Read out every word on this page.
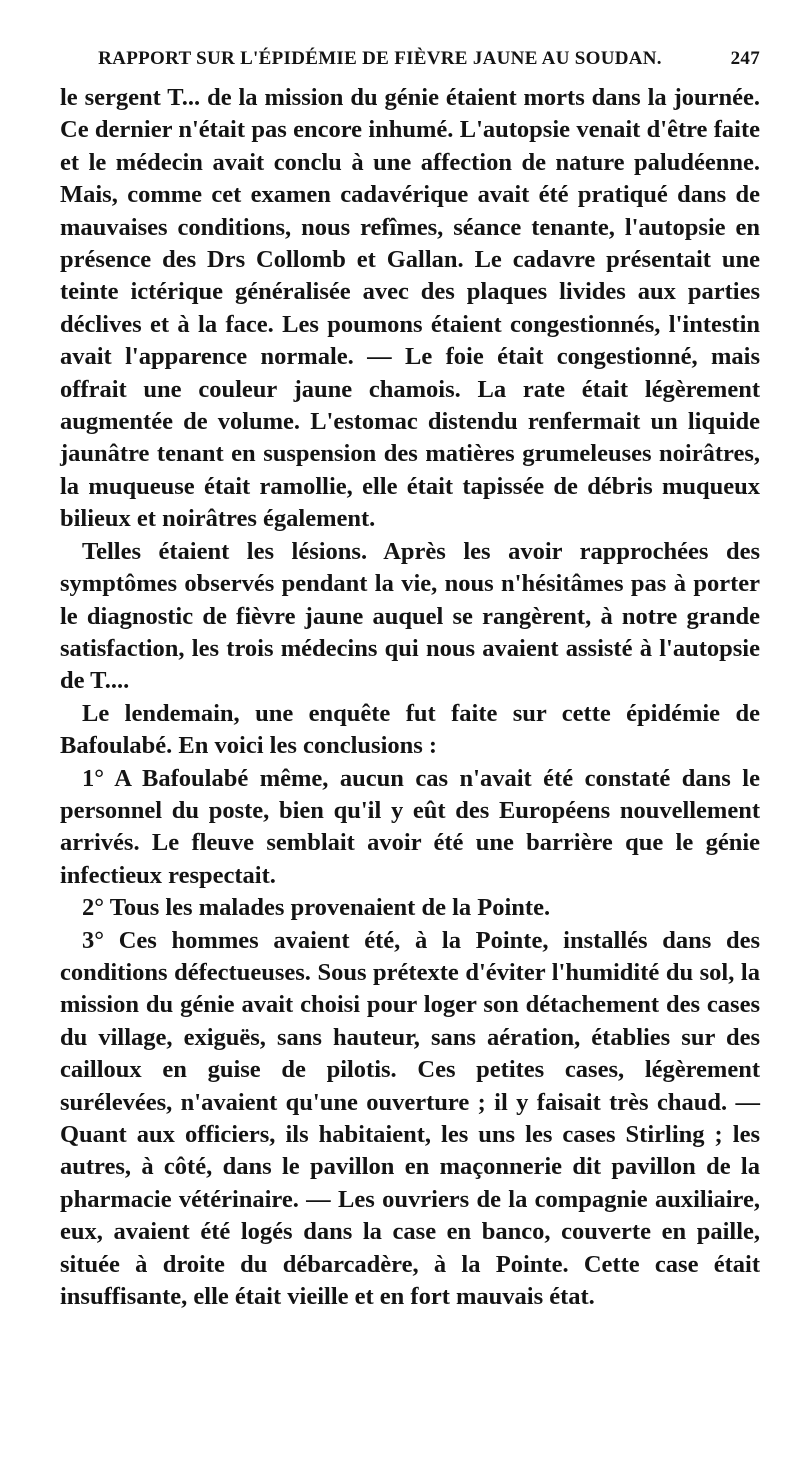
RAPPORT SUR L'ÉPIDÉMIE DE FIÈVRE JAUNE AU SOUDAN.	247

le sergent T... de la mission du génie étaient morts dans la journée. Ce dernier n'était pas encore inhumé. L'autopsie venait d'être faite et le médecin avait conclu à une affection de nature paludéenne. Mais, comme cet examen cadavérique avait été pratiqué dans de mauvaises conditions, nous refîmes, séance tenante, l'autopsie en présence des Drs Collomb et Gallan. Le cadavre présentait une teinte ictérique généralisée avec des plaques livides aux parties déclives et à la face. Les poumons étaient congestionnés, l'intestin avait l'apparence normale. — Le foie était congestionné, mais offrait une couleur jaune chamois. La rate était légèrement augmentée de volume. L'estomac distendu renfermait un liquide jaunâtre tenant en suspension des matières grumeleuses noirâtres, la muqueuse était ramollie, elle était tapissée de débris muqueux bilieux et noirâtres également.

Telles étaient les lésions. Après les avoir rapprochées des symptômes observés pendant la vie, nous n'hésitâmes pas à porter le diagnostic de fièvre jaune auquel se rangèrent, à notre grande satisfaction, les trois médecins qui nous avaient assisté à l'autopsie de T....

Le lendemain, une enquête fut faite sur cette épidémie de Bafoulabé. En voici les conclusions :

1° A Bafoulabé même, aucun cas n'avait été constaté dans le personnel du poste, bien qu'il y eût des Européens nouvellement arrivés. Le fleuve semblait avoir été une barrière que le génie infectieux respectait.

2° Tous les malades provenaient de la Pointe.

3° Ces hommes avaient été, à la Pointe, installés dans des conditions défectueuses. Sous prétexte d'éviter l'humidité du sol, la mission du génie avait choisi pour loger son détachement des cases du village, exiguës, sans hauteur, sans aération, établies sur des cailloux en guise de pilotis. Ces petites cases, légèrement surélevées, n'avaient qu'une ouverture ; il y faisait très chaud. — Quant aux officiers, ils habitaient, les uns les cases Stirling ; les autres, à côté, dans le pavillon en maçonnerie dit pavillon de la pharmacie vétérinaire. — Les ouvriers de la compagnie auxiliaire, eux, avaient été logés dans la case en banco, couverte en paille, située à droite du débarcadère, à la Pointe. Cette case était insuffisante, elle était vieille et en fort mauvais état.
